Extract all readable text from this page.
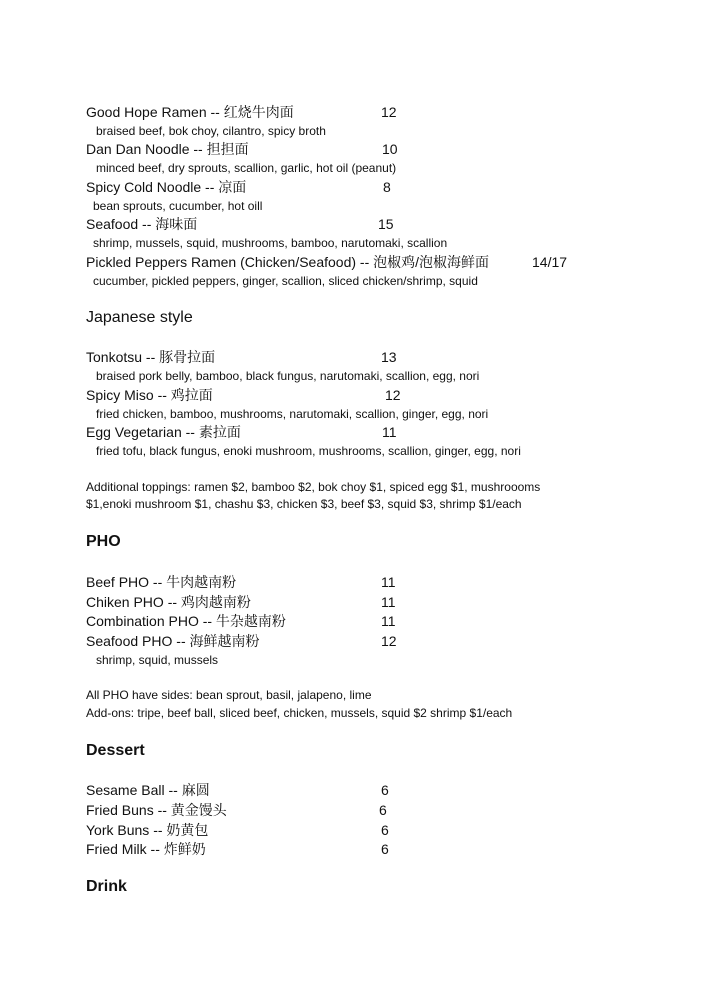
Good Hope Ramen -- 红烧牛肉面	12
braised beef, bok choy, cilantro, spicy broth
Dan Dan Noodle -- 担担面	10
minced beef, dry sprouts, scallion, garlic, hot oil (peanut)
Spicy Cold Noodle -- 凉面	8
bean sprouts, cucumber, hot oill
Seafood -- 海味面	15
shrimp, mussels, squid, mushrooms, bamboo, narutomaki, scallion
Pickled Peppers Ramen (Chicken/Seafood) -- 泡椒鸡/泡椒海鲜面	14/17
cucumber, pickled peppers, ginger, scallion, sliced chicken/shrimp, squid
Japanese style
Tonkotsu -- 豚骨拉面	13
braised pork belly, bamboo, black fungus, narutomaki, scallion, egg, nori
Spicy Miso -- 鸡拉面	12
fried chicken, bamboo, mushrooms, narutomaki, scallion, ginger, egg, nori
Egg Vegetarian -- 素拉面	11
fried tofu, black fungus, enoki mushroom, mushrooms, scallion, ginger, egg, nori
Additional toppings: ramen $2, bamboo $2, bok choy $1, spiced egg $1, mushroooms
$1,enoki mushroom $1, chashu $3, chicken $3, beef $3, squid $3, shrimp $1/each
PHO
Beef PHO -- 牛肉越南粉	11
Chiken PHO -- 鸡肉越南粉	11
Combination PHO -- 牛杂越南粉	11
Seafood PHO -- 海鲜越南粉	12
shrimp, squid, mussels
All PHO have sides: bean sprout, basil, jalapeno, lime
Add-ons: tripe, beef ball, sliced beef, chicken, mussels, squid $2 shrimp $1/each
Dessert
Sesame Ball -- 麻圆	6
Fried Buns -- 黄金馒头	6
York Buns -- 奶黄包	6
Fried Milk -- 炸鲜奶	6
Drink
